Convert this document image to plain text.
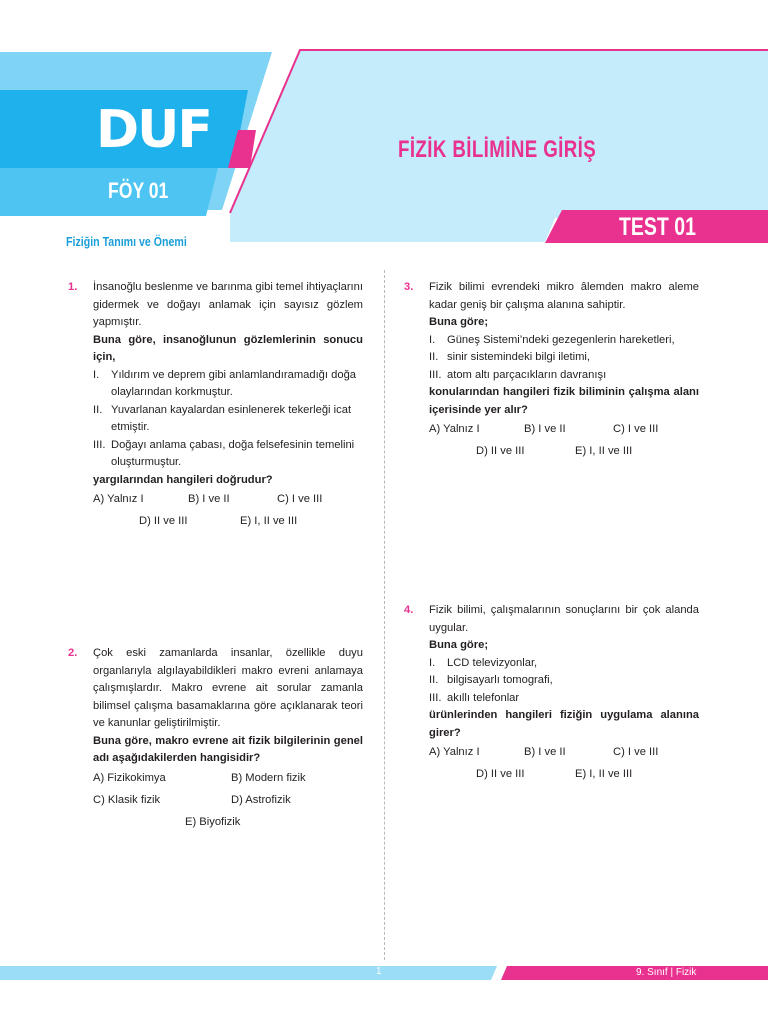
DUF
FÖY 01
FİZİK BİLİMİNE GİRİŞ
TEST 01
Fiziğin Tanımı ve Önemi
1. İnsanoğlu beslenme ve barınma gibi temel ihtiyaçlarını gidermek ve doğayı anlamak için sayısız gözlem yapmıştır.

Buna göre, insanoğlunun gözlemlerinin sonucu için,

I. Yıldırım ve deprem gibi anlamlandıramadığı doğa olaylarından korkmuştur.
II. Yuvarlanan kayalardan esinlenerek tekerleği icat etmiştir.
III. Doğayı anlama çabası, doğa felsefesinin temelini oluşturmuştur.

yargılarından hangileri doğrudur?

A) Yalnız I	B) I ve II	C) I ve III
D) II ve III	E) I, II ve III
2. Çok eski zamanlarda insanlar, özellikle duyu organlarıyla algılayabildikleri makro evreni anlamaya çalışmışlardır. Makro evrene ait sorular zamanla bilimsel çalışma basamaklarına göre açıklanarak teori ve kanunlar geliştirilmiştir.

Buna göre, makro evrene ait fizik bilgilerinin genel adı aşağıdakilerden hangisidir?

A) Fizikokimya	B) Modern fizik
C) Klasik fizik	D) Astrofizik
E) Biyofizik
3. Fizik bilimi evrendeki mikro âlemden makro aleme kadar geniş bir çalışma alanına sahiptir.

Buna göre;

I. Güneş Sistemi’ndeki gezegenlerin hareketleri,
II. sinir sistemindeki bilgi iletimi,
III. atom altı parçacıkların davranışı

konularından hangileri fizik biliminin çalışma alanı içerisinde yer alır?

A) Yalnız I	B) I ve II	C) I ve III
D) II ve III	E) I, II ve III
4. Fizik bilimi, çalışmalarının sonuçlarını bir çok alanda uygular.

Buna göre;

I. LCD televizyonlar,
II. bilgisayarlı tomografi,
III. akıllı telefonlar

ürünlerinden hangileri fiziğin uygulama alanına girer?

A) Yalnız I	B) I ve II	C) I ve III
D) II ve III	E) I, II ve III
1	9. Sınıf | Fizik
